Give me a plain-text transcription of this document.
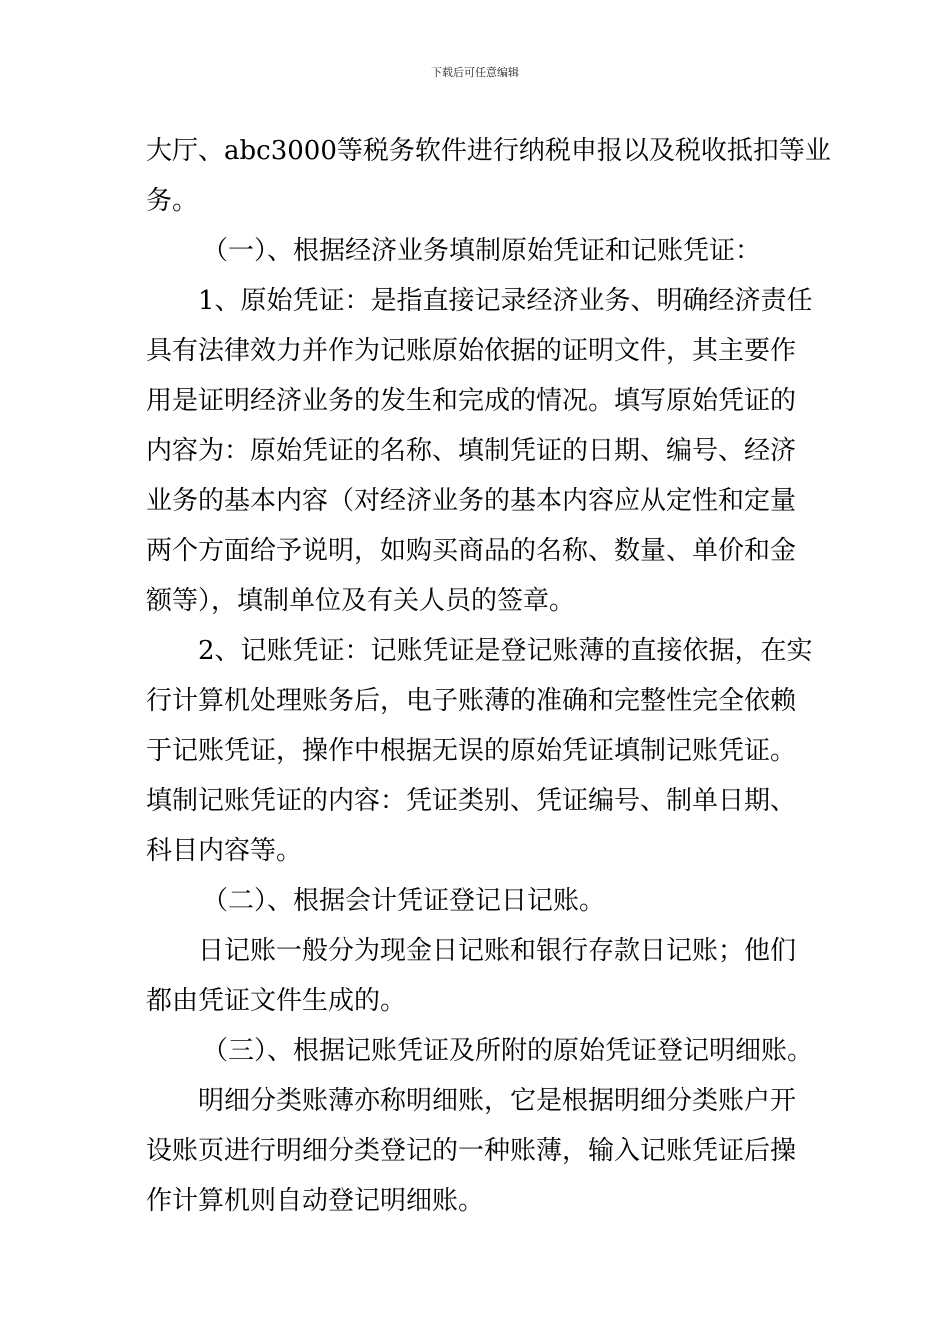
下载后可任意编辑
大厅、abc3000等税务软件进行纳税申报以及税收抵扣等业
务。
（一）、根据经济业务填制原始凭证和记账凭证：
1、原始凭证：是指直接记录经济业务、明确经济责任
具有法律效力并作为记账原始依据的证明文件，其主要作
用是证明经济业务的发生和完成的情况。填写原始凭证的
内容为：原始凭证的名称、填制凭证的日期、编号、经济
业务的基本内容（对经济业务的基本内容应从定性和定量
两个方面给予说明，如购买商品的名称、数量、单价和金
额等），填制单位及有关人员的签章。
2、记账凭证：记账凭证是登记账薄的直接依据，在实
行计算机处理账务后，电子账薄的准确和完整性完全依赖
于记账凭证，操作中根据无误的原始凭证填制记账凭证。
填制记账凭证的内容：凭证类别、凭证编号、制单日期、
科目内容等。
（二）、根据会计凭证登记日记账。
日记账一般分为现金日记账和银行存款日记账；他们
都由凭证文件生成的。
（三）、根据记账凭证及所附的原始凭证登记明细账。
明细分类账薄亦称明细账，它是根据明细分类账户开
设账页进行明细分类登记的一种账薄，输入记账凭证后操
作计算机则自动登记明细账。
